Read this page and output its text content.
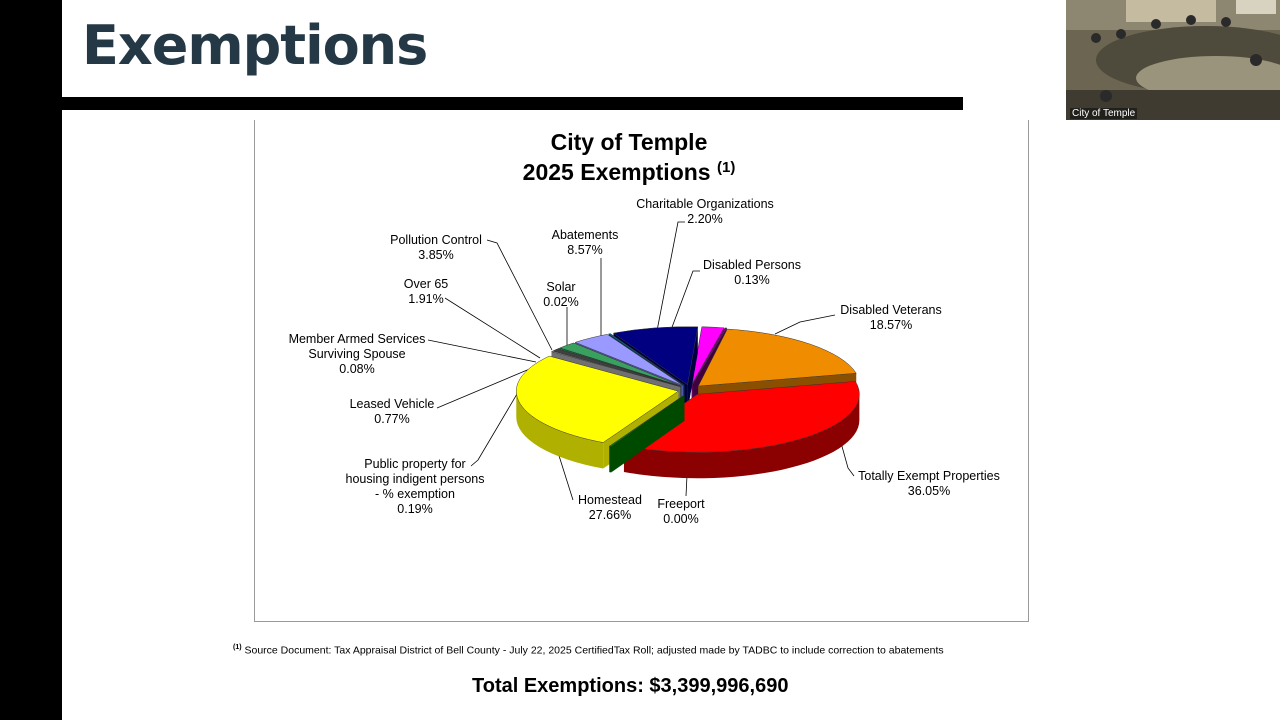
Exemptions
City of Temple
2025 Exemptions $^{(1)}$
Disabled Veterans
18.57%
Totally Exempt Properties
36.05%
Freeport
0.00%
Homestead
27.66%
Public property for
housing indigent persons
- % exemption
0.19%
Leased Vehicle
0.77%
Member Armed Services
Surviving Spouse
0.08%
Over 65
1.91%
Pollution Control
3.85%
Solar
0.02%
Abatements
8.57%
Charitable Organizations
2.20%
Disabled Persons
0.13%
$^{(1)}$ Source Document: Tax Appraisal District of Bell County - July 22, 2025 CertifiedTax Roll; adjusted made by TADBC to include correction to abatements
Total Exemptions: $3,399,996,690
City of Temple
